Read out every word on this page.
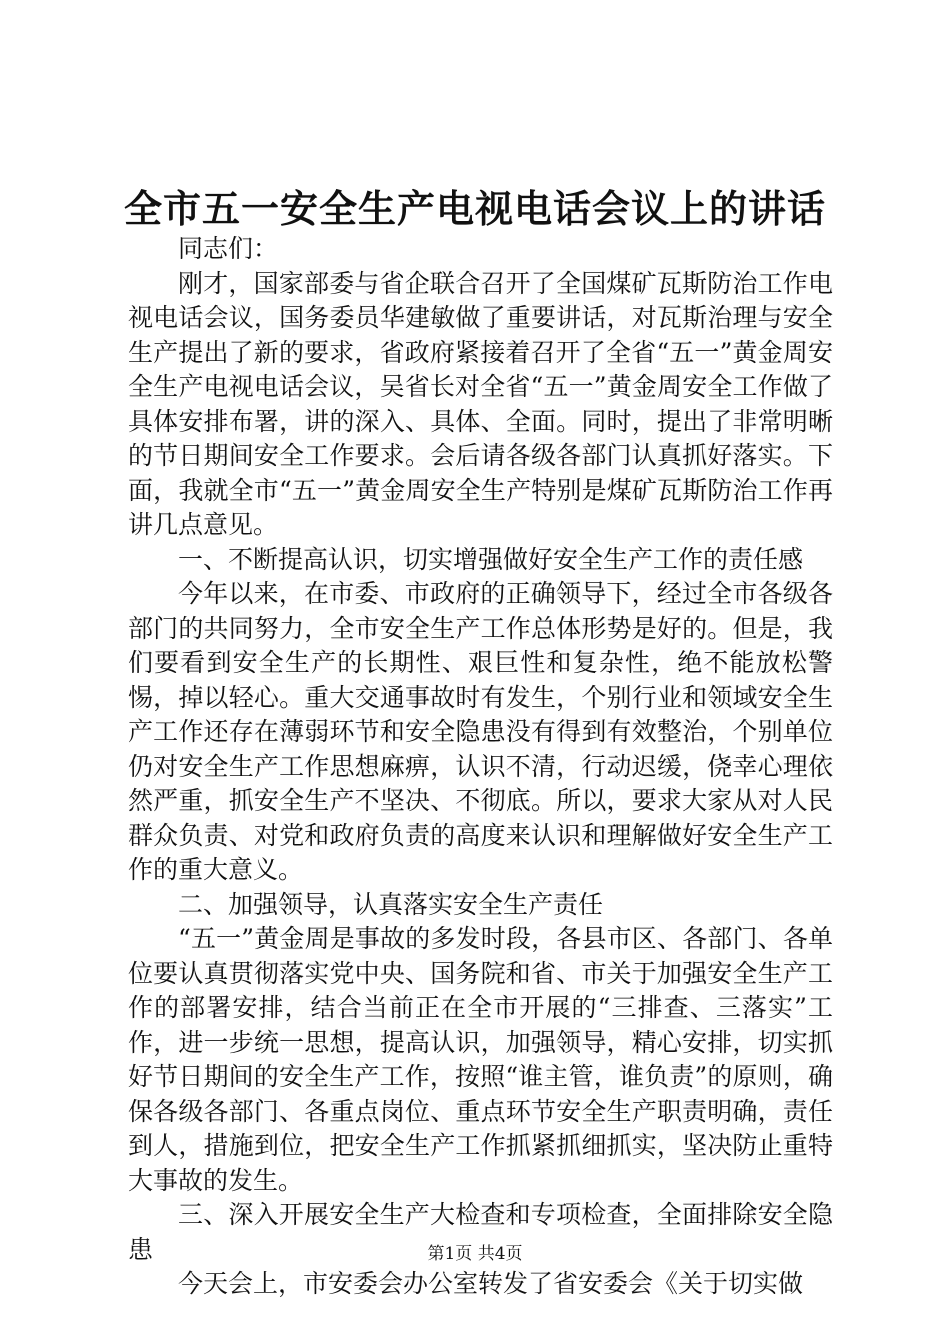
全市五一安全生产电视电话会议上的讲话

同志们：

刚才，国家部委与省企联合召开了全国煤矿瓦斯防治工作电视电话会议，国务委员华建敏做了重要讲话，对瓦斯治理与安全生产提出了新的要求，省政府紧接着召开了全省“五一”黄金周安全生产电视电话会议，吴省长对全省“五一”黄金周安全工作做了具体安排布署，讲的深入、具体、全面。同时，提出了非常明晰的节日期间安全工作要求。会后请各级各部门认真抓好落实。下面，我就全市“五一”黄金周安全生产特别是煤矿瓦斯防治工作再讲几点意见。

一、不断提高认识，切实增强做好安全生产工作的责任感

今年以来，在市委、市政府的正确领导下，经过全市各级各部门的共同努力，全市安全生产工作总体形势是好的。但是，我们要看到安全生产的长期性、艰巨性和复杂性，绝不能放松警惕，掉以轻心。重大交通事故时有发生，个别行业和领域安全生产工作还存在薄弱环节和安全隐患没有得到有效整治，个别单位仍对安全生产工作思想麻痹，认识不清，行动迟缓，侥幸心理依然严重，抓安全生产不坚决、不彻底。所以，要求大家从对人民群众负责、对党和政府负责的高度来认识和理解做好安全生产工作的重大意义。

二、加强领导，认真落实安全生产责任

“五一”黄金周是事故的多发时段，各县市区、各部门、各单位要认真贯彻落实党中央、国务院和省、市关于加强安全生产工作的部署安排，结合当前正在全市开展的“三排查、三落实”工作，进一步统一思想，提高认识，加强领导，精心安排，切实抓好节日期间的安全生产工作，按照“谁主管，谁负责”的原则，确保各级各部门、各重点岗位、重点环节安全生产职责明确，责任到人，措施到位，把安全生产工作抓紧抓细抓实，坚决防止重特大事故的发生。

三、深入开展安全生产大检查和专项检查，全面排除安全隐患

今天会上，市安委会办公室转发了省安委会《关于切实做

第1页 共4页
